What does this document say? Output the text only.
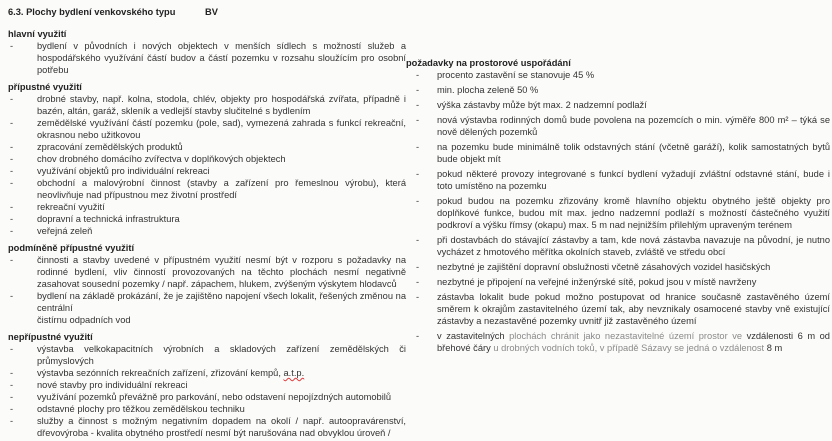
6.3. Plochy bydlení venkovského typu	BV
hlavní využití
-	bydlení v původních i nových objektech v menších sídlech s možností služeb a hospodářského využívání částí budov a částí pozemku v rozsahu sloužícím pro osobní potřebu
přípustné využití
-	drobné stavby, např. kolna, stodola, chlév, objekty pro hospodářská zvířata, případně i bazén, altán, garáž, skleník a vedlejší stavby slučitelné s bydlením
-	zemědělské využívání částí pozemku (pole, sad), vymezená zahrada s funkcí rekreační, okrasnou nebo užitkovou
-	zpracování zemědělských produktů
-	chov drobného domácího zvířectva v doplňkových objektech
-	využívání objektů pro individuální rekreaci
-	obchodní a malovýrobní činnost (stavby a zařízení pro řemeslnou výrobu), která neovlivňuje nad přípustnou mez životní prostředí
-	rekreační využití
-	dopravní a technická infrastruktura
-	veřejná zeleň
podmíněně přípustné využití
-	činnosti a stavby uvedené v přípustném využití nesmí být v rozporu s požadavky na rodinné bydlení, vliv činností provozovaných na těchto plochách nesmí negativně zasahovat sousední pozemky / např. zápachem, hlukem, zvýšeným výskytem hlodavců
-	bydlení na základě prokázání, že je zajištěno napojení všech lokalit, řešených změnou na centrální
čistírnu odpadních vod
nepřípustné využití
-	výstavba velkokapacitních výrobních a skladových zařízení zemědělských či průmyslových
-	výstavba sezónních rekreačních zařízení, zřizování kempů, a.t.p.
-	nové stavby pro individuální rekreaci
-	využívání pozemků převážně pro parkování, nebo odstavení nepojízdných automobilů
-	odstavné plochy pro těžkou zemědělskou techniku
-	služby a činnost s možným negativním dopadem na okolí / např. autoopravárenství, dřevovýroba - kvalita obytného prostředí nesmí být narušována nad obvyklou úroveň /
požadavky na prostorové uspořádání
- procento zastavění se stanovuje 45 %
- min. plocha zeleně 50 %
- výška zástavby může být max. 2 nadzemní podlaží
- nová výstavba rodinných domů bude povolena na pozemcích o min. výměře 800 m² – týká se nově dělených pozemků
- na pozemku bude minimálně tolik odstavných stání (včetně garáží), kolik samostatných bytů bude objekt mít
- pokud některé provozy integrované s funkcí bydlení vyžadují zvláštní odstavné stání, bude i toto umístěno na pozemku
- pokud budou na pozemku zřizovány kromě hlavního objektu obytného ještě objekty pro doplňkové funkce, budou mít max. jedno nadzemní podlaží s možností částečného využití podkroví a výšku římsy (okapu) max. 5 m nad nejnižším přilehlým upraveným terénem
- při dostavbách do stávající zástavby a tam, kde nová zástavba navazuje na původní, je nutno vycházet z hmotového měřítka okolních staveb, zvláště ve středu obcí
- nezbytné je zajištění dopravní obslužnosti včetně zásahových vozidel hasičských
- nezbytné je připojení na veřejné inženýrské sítě, pokud jsou v místě navrženy
- zástavba lokalit bude pokud možno postupovat od hranice současně zastavěného území směrem k okrajům zastavitelného území tak, aby nevznikaly osamocené stavby vně existující zástavby a nezastavěné pozemky uvnitř již zastavěného území
- v zastavitelných plochách chránit jako nezastavitelné území prostor ve vzdálenosti 6 m od břehové čáry u drobných vodních toků, v případě Sázavy se jedná o vzdálenost 8 m
